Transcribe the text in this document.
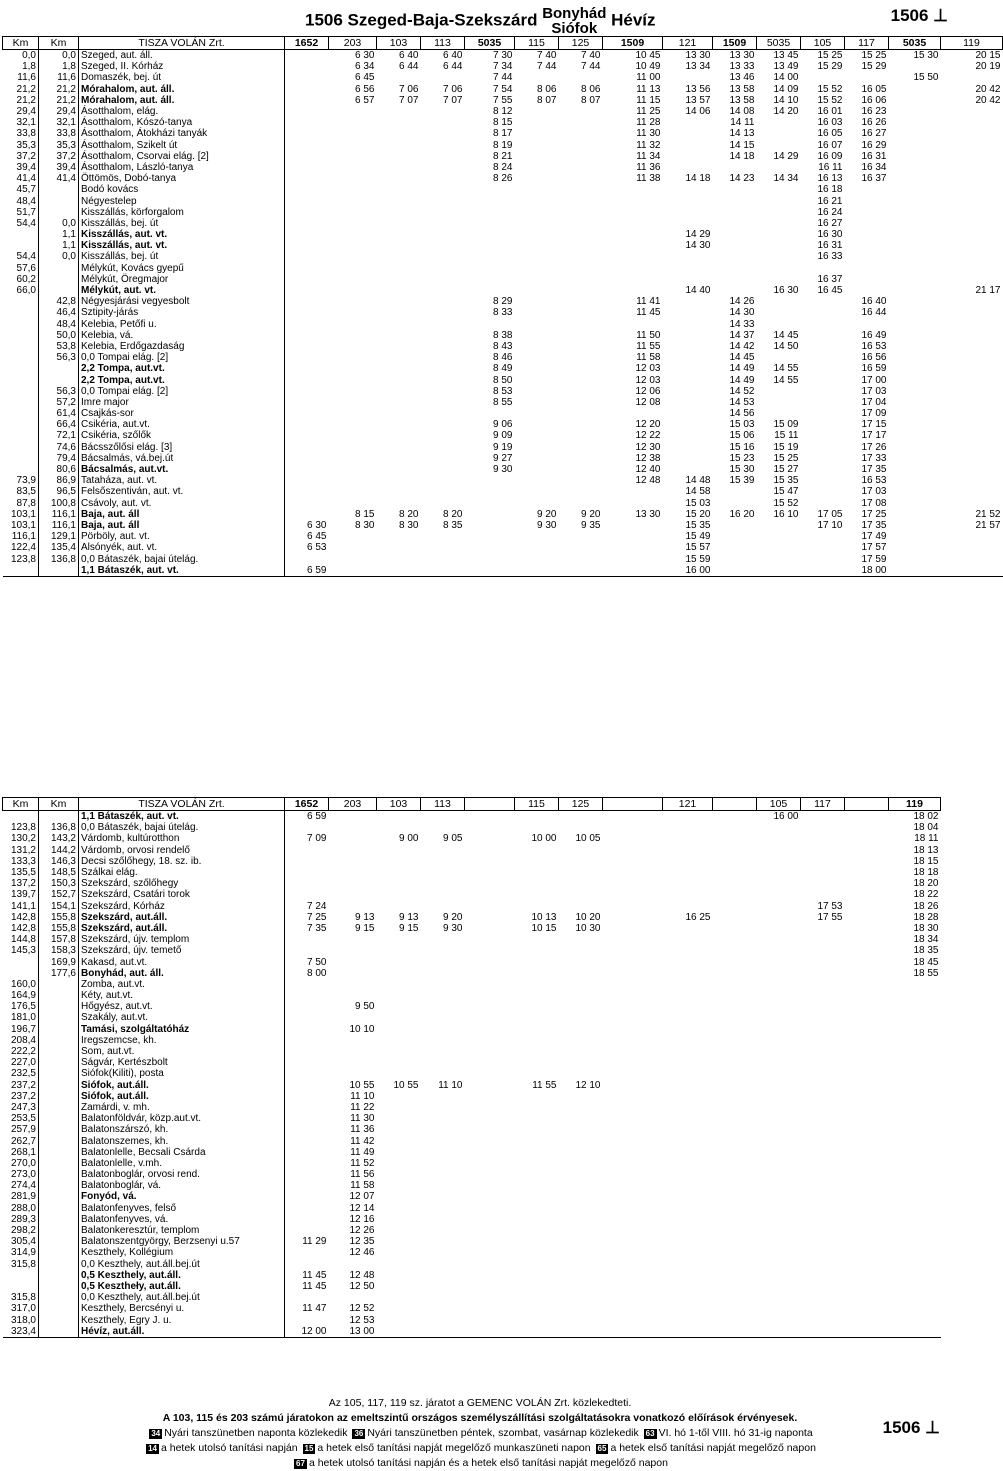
1506 Szeged-Baja-Szekszárd Bonyhád
Siófok Hévíz	1506 ⊥
Km	Km	TISZA VOLÁN Zrt.	1652	203	103	113	5035	115	125	1509	121	1509	5035	105	117	5035	119
0,0	0,0	Szeged, aut. áll.		6 30	6 40	6 40	7 30	7 40	7 40	10 45	13 30	13 30	13 45	15 25	15 25	15 30	20 15
1,8	1,8	Szeged, II. Kórház		6 34	6 44	6 44	7 34	7 44	7 44	10 49	13 34	13 33	13 49	15 29	15 29		20 19
11,6	11,6	Domaszék, bej. út		6 45			7 44			11 00		13 46	14 00			15 50	
21,2	21,2	Mórahalom, aut. áll.		6 56	7 06	7 06	7 54	8 06	8 06	11 13	13 56	13 58	14 09	15 52	16 05		20 42
21,2	21,2	Mórahalom, aut. áll.		6 57	7 07	7 07	7 55	8 07	8 07	11 15	13 57	13 58	14 10	15 52	16 06		20 42
29,4	29,4	Ásotthalom, elág.					8 12			11 25	14 06	14 08	14 20	16 01	16 23		
32,1	32,1	Ásotthalom, Kószó-tanya					8 15			11 28		14 11		16 03	16 26		
33,8	33,8	Ásotthalom, Átokházi tanyák					8 17			11 30		14 13		16 05	16 27		
35,3	35,3	Ásotthalom, Szikelt út					8 19			11 32		14 15		16 07	16 29		
37,2	37,2	Ásotthalom, Csorvai elág. [2]					8 21			11 34		14 18	14 29	16 09	16 31		
39,4	39,4	Ásotthalom, László-tanya					8 24			11 36				16 11	16 34		
41,4	41,4	Öttömös, Dobó-tanya					8 26			11 38	14 18	14 23	14 34	16 13	16 37		
45,7		Bodó kovács												16 18			
48,4		Négyestelep												16 21			
51,7		Kisszállás, körforgalom												16 24			
54,4	0,0	Kisszállás, bej. út												16 27			
	1,1	Kisszállás, aut. vt.									14 29			16 30			
	1,1	Kisszállás, aut. vt.									14 30			16 31			
54,4	0,0	Kisszállás, bej. út												16 33			
57,6		Mélykút, Kovács gyepű															
60,2		Mélykút, Öregmajor												16 37			
66,0		Mélykút, aut. vt.									14 40		16 30	16 45			21 17
	42,8	Négyesjárási vegyesbolt					8 29			11 41		14 26			16 40		
	46,4	Sztipity-járás					8 33			11 45		14 30			16 44		
	48,4	Kelebia, Petőfi u.										14 33					
	50,0	Kelebia, vá.					8 38			11 50		14 37	14 45		16 49		
	53,8	Kelebia, Erdőgazdaság					8 43			11 55		14 42	14 50		16 53		
	56,3	0,0 Tompai elág. [2]					8 46			11 58		14 45			16 56		
		2,2 Tompa, aut.vt.					8 49			12 03		14 49	14 55		16 59		
		2,2 Tompa, aut.vt.					8 50			12 03		14 49	14 55		17 00		
	56,3	0,0 Tompai elág. [2]					8 53			12 06		14 52			17 03		
	57,2	Imre major					8 55			12 08		14 53			17 04		
	61,4	Csajkás-sor										14 56			17 09		
	66,4	Csikéria, aut.vt.					9 06			12 20		15 03	15 09		17 15		
	72,1	Csikéria, szőlők					9 09			12 22		15 06	15 11		17 17		
	74,6	Bácsszőlősi elág. [3]					9 19			12 30		15 16	15 19		17 26		
	79,4	Bácsalmás, vá.bej.út					9 27			12 38		15 23	15 25		17 33		
	80,6	Bácsalmás, aut.vt.					9 30			12 40		15 30	15 27		17 35		
73,9	86,9	Tataháza, aut. vt.								12 48	14 48	15 39	15 35		16 53		
83,5	96,5	Felsőszentiván, aut. vt.									14 58		15 47		17 03		
87,8	100,8	Csávoly, aut. vt.									15 03		15 52		17 08		
103,1	116,1	Baja, aut. áll		8 15	8 20	8 20		9 20	9 20	13 30	15 20	16 20	16 10	17 05	17 25		21 52
103,1	116,1	Baja, aut. áll	6 30	8 30	8 30	8 35		9 30	9 35		15 35			17 10	17 35		21 57
116,1	129,1	Pörböly, aut. vt.	6 45								15 49				17 49		
122,4	135,4	Alsónyék, aut. vt.	6 53								15 57				17 57		
123,8	136,8	0,0 Bátaszék, bajai útelág.									15 59				17 59		
		1,1 Bátaszék, aut. vt.	6 59								16 00				18 00		
Km	Km	TISZA VOLÁN Zrt.	1652	203	103	113		115	125		121		105	117		119
		1,1 Bátaszék, aut. vt.	6 59										16 00			18 02
123,8	136,8	0,0 Bátaszék, bajai útelág.														18 04
130,2	143,2	Várdomb, kultúrotthon	7 09		9 00	9 05		10 00	10 05							18 11
131,2	144,2	Várdomb, orvosi rendelő														18 13
133,3	146,3	Decsi szőlőhegy, 18. sz. ib.														18 15
135,5	148,5	Szálkai elág.														18 18
137,2	150,3	Szekszárd, szőlőhegy														18 20
139,7	152,7	Szekszárd, Csatári torok														18 22
141,1	154,1	Szekszárd, Kórház	7 24											17 53		18 26
142,8	155,8	Szekszárd, aut.áll.	7 25	9 13	9 13	9 20		10 13	10 20		16 25			17 55		18 28
142,8	155,8	Szekszárd, aut.áll.	7 35	9 15	9 15	9 30		10 15	10 30							18 30
144,8	157,8	Szekszárd, újv. templom														18 34
145,3	158,3	Szekszárd, újv. temető														18 35
	169,9	Kakasd, aut.vt.	7 50													18 45
	177,6	Bonyhád, aut. áll.	8 00													18 55
160,0		Zomba, aut.vt.														
164,9		Kéty, aut.vt.														
176,5		Hőgyész, aut.vt.		9 50												
181,0		Szakály, aut.vt.														
196,7		Tamási, szolgáltatóház		10 10												
208,4		Iregszemcse, kh.														
222,2		Som, aut.vt.														
227,0		Ságvár, Kertészbolt														
232,5		Siófok(Kiliti), posta														
237,2		Siófok, aut.áll.		10 55	10 55	11 10		11 55	12 10							
237,2		Siófok, aut.áll.		11 10												
247,3		Zamárdi, v. mh.		11 22												
253,5		Balatonföldvár, közp.aut.vt.		11 30												
257,9		Balatonszárszó, kh.		11 36												
262,7		Balatonszemes, kh.		11 42												
268,1		Balatonlelle, Becsali Csárda		11 49												
270,0		Balatonlelle, v.mh.		11 52												
273,0		Balatonboglár, orvosi rend.		11 56												
274,4		Balatonboglár, vá.		11 58												
281,9		Fonyód, vá.		12 07												
288,0		Balatonfenyves, felső		12 14												
289,3		Balatonfenyves, vá.		12 16												
298,2		Balatonkeresztúr, templom		12 26												
305,4		Balatonszentgyörgy, Berzsenyi u.57	11 29	12 35												
314,9		Keszthely, Kollégium		12 46												
315,8		0,0 Keszthely, aut.áll.bej.út														
		0,5 Keszthely, aut.áll.	11 45	12 48												
		0,5 Kesztheły, aut.áll.	11 45	12 50												
315,8		0,0 Keszthely, aut.áll.bej.út														
317,0		Keszthely, Bercsényi u.	11 47	12 52												
318,0		Keszthely, Egry J. u.		12 53												
323,4		Hévíz, aut.áll.	12 00	13 00												
Az 105, 117, 119 sz. járatot a GEMENC VOLÁN Zrt. közlekedteti.
A 103, 115 és 203 számú járatokon az emeltszintű országos személyszállítási szolgáltatásokra vonatkozó előírások érvényesek.
34 Nyári tanszünetben naponta közlekedik 36 Nyári tanszünetben péntek, szombat, vasárnap közlekedik 63 VI. hó 1-től VIII. hó 31-ig naponta
14 a hetek utolsó tanítási napján 15 a hetek első tanítási napját megelőző munkaszüneti napon 65 a hetek első tanítási napját megelőző napon
67 a hetek utolsó tanítási napján és a hetek első tanítási napját megelőző napon
1506 ⊥
